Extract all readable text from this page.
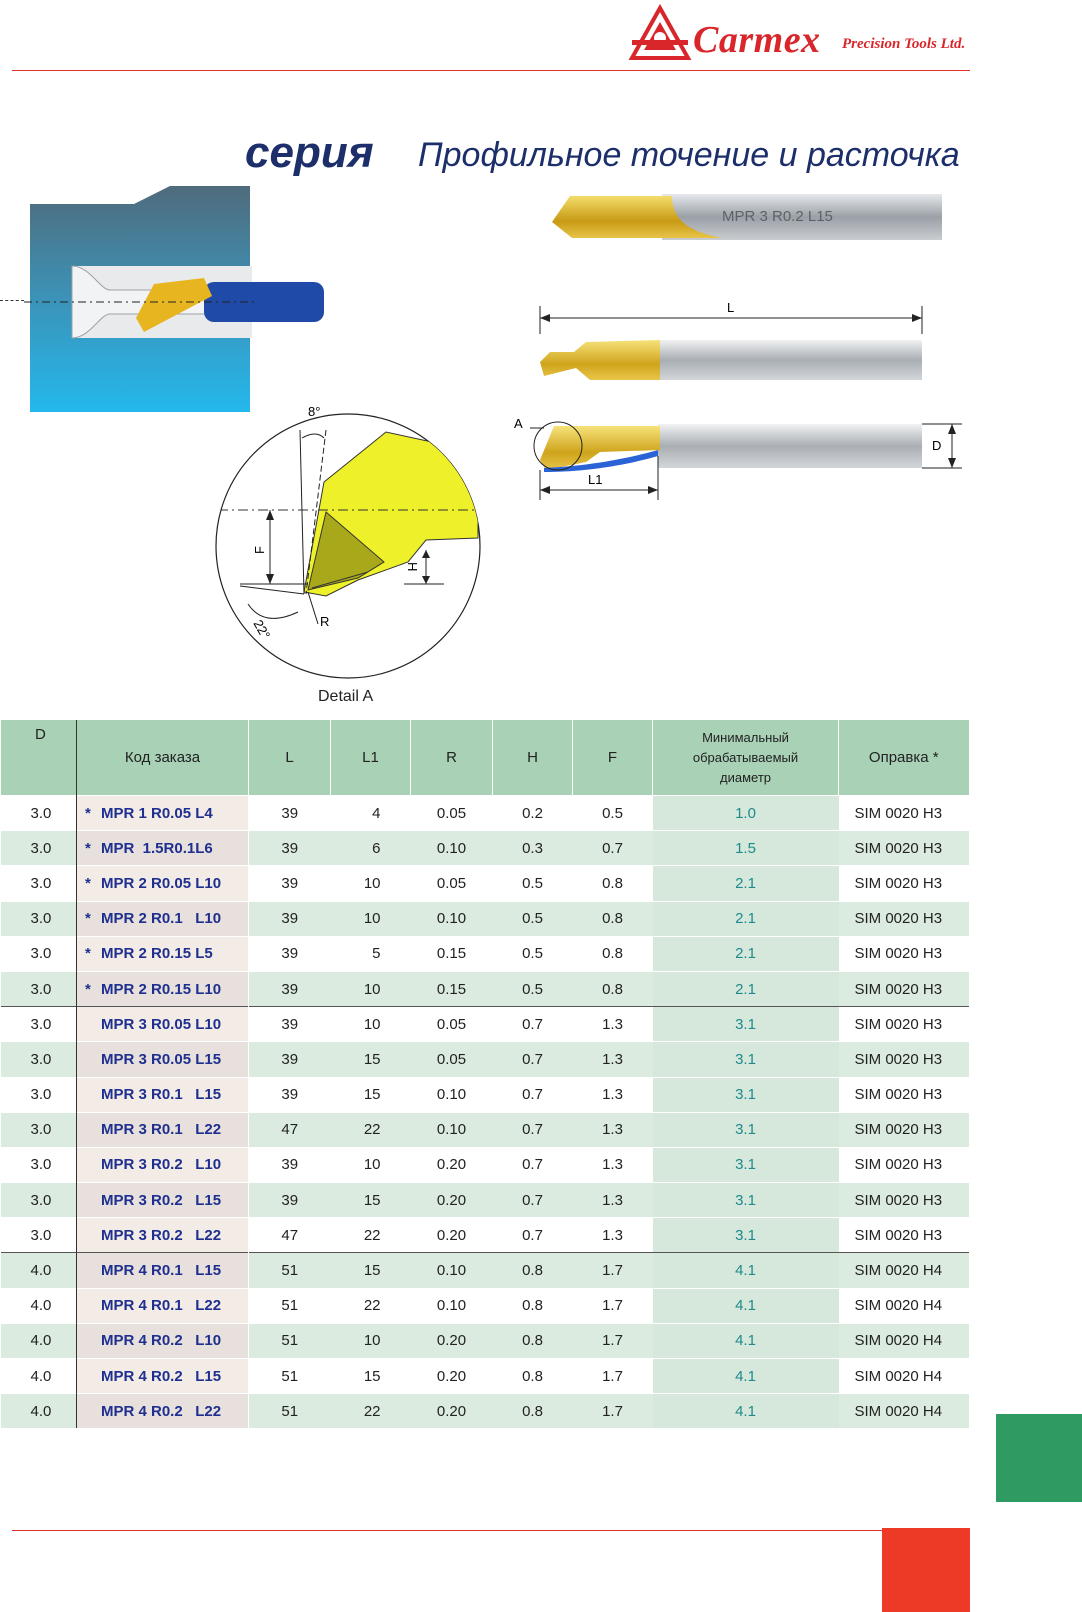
Carmex Precision Tools Ltd.
серия Профильное точение и расточка
MPR 3 R0.2 L15
L
A
L1
D
8°
F
H
R
22°
Detail A
D	Код заказа	L	L1	R	H	F	Минимальный
обрабатываемый
диаметр	Оправка *
3.0	* MPR 1 R0.05 L4	39	4	0.05	0.2	0.5	1.0	SIM 0020 H3
3.0	* MPR  1.5R0.1L6	39	6	0.10	0.3	0.7	1.5	SIM 0020 H3
3.0	* MPR 2 R0.05 L10	39	10	0.05	0.5	0.8	2.1	SIM 0020 H3
3.0	* MPR 2 R0.1   L10	39	10	0.10	0.5	0.8	2.1	SIM 0020 H3
3.0	* MPR 2 R0.15 L5	39	5	0.15	0.5	0.8	2.1	SIM 0020 H3
3.0	* MPR 2 R0.15 L10	39	10	0.15	0.5	0.8	2.1	SIM 0020 H3
3.0	MPR 3 R0.05 L10	39	10	0.05	0.7	1.3	3.1	SIM 0020 H3
3.0	MPR 3 R0.05 L15	39	15	0.05	0.7	1.3	3.1	SIM 0020 H3
3.0	MPR 3 R0.1   L15	39	15	0.10	0.7	1.3	3.1	SIM 0020 H3
3.0	MPR 3 R0.1   L22	47	22	0.10	0.7	1.3	3.1	SIM 0020 H3
3.0	MPR 3 R0.2   L10	39	10	0.20	0.7	1.3	3.1	SIM 0020 H3
3.0	MPR 3 R0.2   L15	39	15	0.20	0.7	1.3	3.1	SIM 0020 H3
3.0	MPR 3 R0.2   L22	47	22	0.20	0.7	1.3	3.1	SIM 0020 H3
4.0	MPR 4 R0.1   L15	51	15	0.10	0.8	1.7	4.1	SIM 0020 H4
4.0	MPR 4 R0.1   L22	51	22	0.10	0.8	1.7	4.1	SIM 0020 H4
4.0	MPR 4 R0.2   L10	51	10	0.20	0.8	1.7	4.1	SIM 0020 H4
4.0	MPR 4 R0.2   L15	51	15	0.20	0.8	1.7	4.1	SIM 0020 H4
4.0	MPR 4 R0.2   L22	51	22	0.20	0.8	1.7	4.1	SIM 0020 H4
